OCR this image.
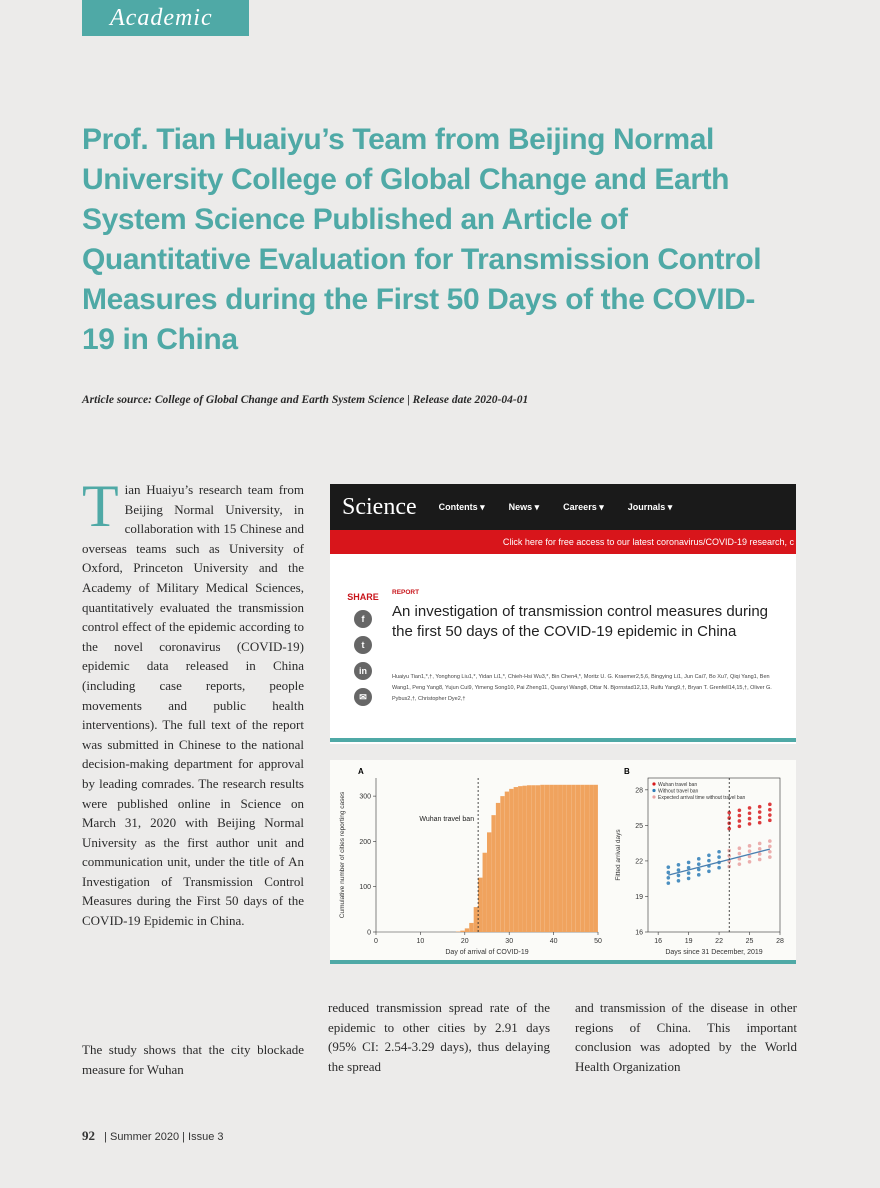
Academic
Prof. Tian Huaiyu’s Team from Beijing Normal University College of Global Change and Earth System Science Published an Article of Quantitative Evaluation for Transmission Control Measures during the First 50 Days of the COVID-19 in China
Article source: College of Global Change and Earth System Science | Release date 2020-04-01
T ian Huaiyu’s research team from Beijing Normal University, in collaboration with 15 Chinese and overseas teams such as University of Oxford, Princeton University and the Academy of Military Medical Sciences, quantitatively evaluated the transmission control effect of the epidemic according to the novel coronavirus (COVID-19) epidemic data released in China (including case reports, people movements and public health interventions). The full text of the report was submitted in Chinese to the national decision-making department for approval by leading comrades. The research results were published online in Science on March 31, 2020 with Beijing Normal University as the first author unit and communication unit, under the title of An Investigation of Transmission Control Measures during the First 50 days of the COVID-19 Epidemic in China.
The study shows that the city blockade measure for Wuhan
reduced transmission spread rate of the epidemic to other cities by 2.91 days (95% CI: 2.54-3.29 days), thus delaying the spread
and transmission of the disease in other regions of China. This important conclusion was adopted by the World Health Organization
Science Contents ▾	News ▾	Careers ▾	Journals ▾
Click here for free access to our latest coronavirus/COVID-19 research, c
SHARE
f
t
in
✉
REPORT
An investigation of transmission control measures during the first 50 days of the COVID-19 epidemic in China
Huaiyu Tian1,*,†, Yonghong Liu1,*, Yidan Li1,*, Chieh-Hsi Wu3,*, Bin Chen4,*, Moritz U. G. Kraemer2,5,6, Bingying Li1, Jun Cai7, Bo Xu7, Qiqi Yang1, Ben Wang1, Peng Yang8, Yujun Cui9, Yimeng Song10, Pai Zheng11, Quanyi Wang8, Ottar N. Bjornstad12,13, Ruifu Yang9,†, Bryan T. Grenfell14,15,†, Oliver G. Pybus2,†, Christopher Dye2,†
A
0	10	20	30	40	50
0
100
200
300
Wuhan travel ban
Day of arrival of COVID-19
Cumulative number of cities reporting cases
B
16	19	22	25	28
16
19
22
25
28
Wuhan travel ban
Without travel ban
Expected arrival time without travel ban
Days since 31 December, 2019
Fitted arrival days
92 | Summer 2020 | Issue 3
